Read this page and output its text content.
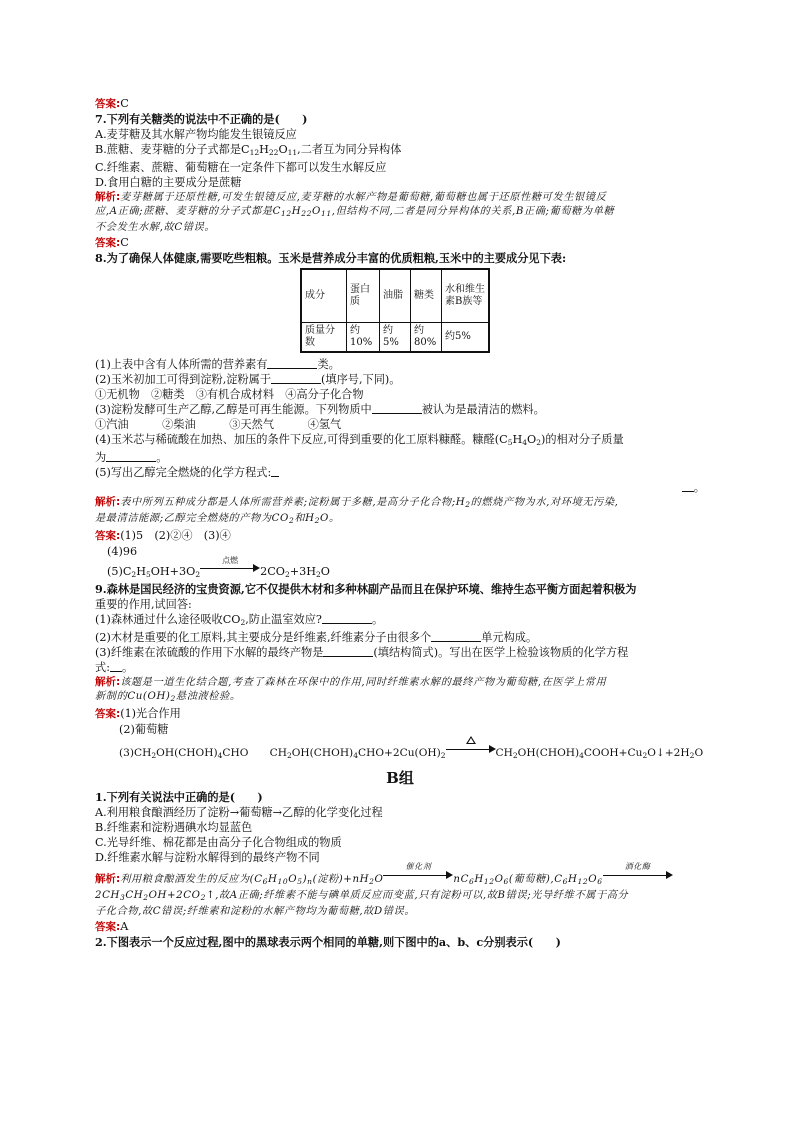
答案:C
7.下列有关糖类的说法中不正确的是(　　)
A.麦芽糖及其水解产物均能发生银镜反应
B.蔗糖、麦芽糖的分子式都是$C_{12}H_{22}O_{11}$,二者互为同分异构体
C.纤维素、蔗糖、葡萄糖在一定条件下都可以发生水解反应
D.食用白糖的主要成分是蔗糖
解析:麦芽糖属于还原性糖,可发生银镜反应,麦芽糖的水解产物是葡萄糖,葡萄糖也属于还原性糖可发生银镜反
应,A正确;蔗糖、麦芽糖的分子式都是$C_{12}H_{22}O_{11}$,但结构不同,二者是同分异构体的关系,B正确;葡萄糖为单糖
不会发生水解,故C错误。
答案:C
8.为了确保人体健康,需要吃些粗粮。玉米是营养成分丰富的优质粗粮,玉米中的主要成分见下表:
成分	蛋白质	油脂	糖类	水和维生素B族等
质量分数	约10%	约5%	约80%	约5%
(1)上表中含有人体所需的营养素有	类。
(2)玉米初加工可得到淀粉,淀粉属于	(填序号,下同)。
①无机物　②糖类　③有机合成材料　④高分子化合物
(3)淀粉发酵可生产乙醇,乙醇是可再生能源。下列物质中	被认为是最清洁的燃料。
①汽油　　　②柴油　　　③天然气　　　④氢气
(4)玉米芯与稀硫酸在加热、加压的条件下反应,可得到重要的化工原料糠醛。糠醛$(C_5H_4O_2)$的相对分子质量
为	。
(5)写出乙醇完全燃烧的化学方程式:
。
解析:表中所列五种成分都是人体所需营养素;淀粉属于多糖,是高分子化合物$;H_2$的燃烧产物为水,对环境无污染,
是最清洁能源;乙醇完全燃烧的产物为$CO_2$和$H_2O$。
答案:(1)5　(2)②④　(3)④
(4)96
$(5)C_2H_5OH+3O_2$
点燃
$2CO_2+3H_2O$
9.森林是国民经济的宝贵资源,它不仅提供木材和多种林副产品而且在保护环境、维持生态平衡方面起着积极为
重要的作用,试回答:
(1)森林通过什么途径吸收$CO_2$,防止温室效应?	。
(2)木材是重要的化工原料,其主要成分是纤维素,纤维素分子由很多个	单元构成。
(3)纤维素在浓硫酸的作用下水解的最终产物是	(填结构简式)。写出在医学上检验该物质的化学方程
式: 。
解析:该题是一道生化结合题,考查了森林在环保中的作用,同时纤维素水解的最终产物为葡萄糖,在医学上常用
新制的$Cu(OH)_2$悬浊液检验。
答案:(1)光合作用
(2)葡萄糖
$(3)CH_2OH(CHOH)_4CHO$　　$CH_2OH(CHOH)_4CHO+2Cu(OH)_2$	$CH_2OH(CHOH)_4COOH+Cu_2O↓+2H_2O$
B组
1.下列有关说法中正确的是(　　)
A.利用粮食酿酒经历了淀粉→葡萄糖→乙醇的化学变化过程
B.纤维素和淀粉遇碘水均显蓝色
C.光导纤维、棉花都是由高分子化合物组成的物质
D.纤维素水解与淀粉水解得到的最终产物不同
解析:利用粮食酿酒发生的反应为$(C_6H_{10}O_5)_n$(淀粉)$+nH_2O$
催化剂
$nC_6H_{12}O_6$(葡萄糖)$,C_6H_{12}O_6$
酒化酶

$2CH_3CH_2OH+2CO_2↑$,故A正确;纤维素不能与碘单质反应而变蓝,只有淀粉可以,故B错误;光导纤维不属于高分
子化合物,故C错误;纤维素和淀粉的水解产物均为葡萄糖,故D错误。
答案:A
2.下图表示一个反应过程,图中的黑球表示两个相同的单糖,则下图中的a、b、c分别表示(　　)
